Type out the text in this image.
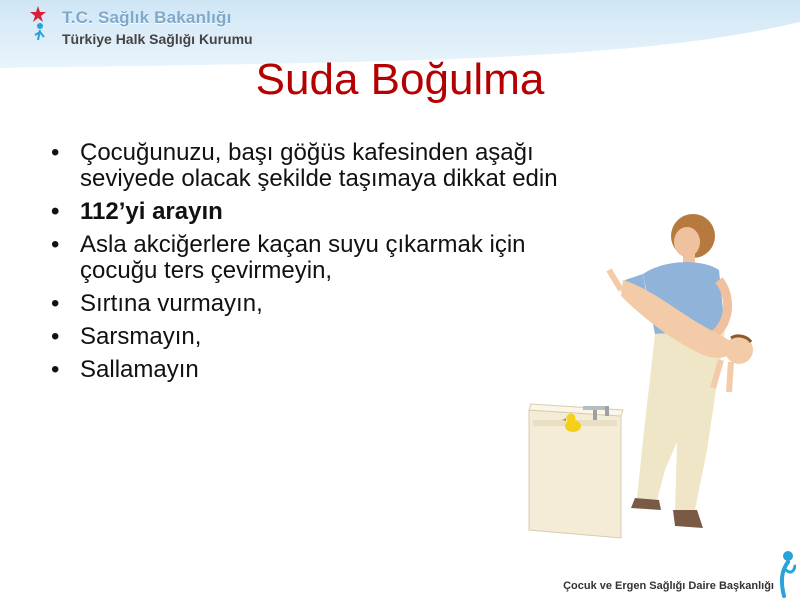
T.C. Sağlık Bakanlığı
Türkiye Halk Sağlığı Kurumu
Suda Boğulma
• Çocuğunuzu, başı göğüs kafesinden aşağı seviyede olacak şekilde taşımaya dikkat edin
• 112’yi arayın
• Asla akciğerlere kaçan suyu çıkarmak için çocuğu ters çevirmeyin,
• Sırtına vurmayın,
• Sarsmayın,
• Sallamayın
Çocuk ve Ergen Sağlığı Daire Başkanlığı
